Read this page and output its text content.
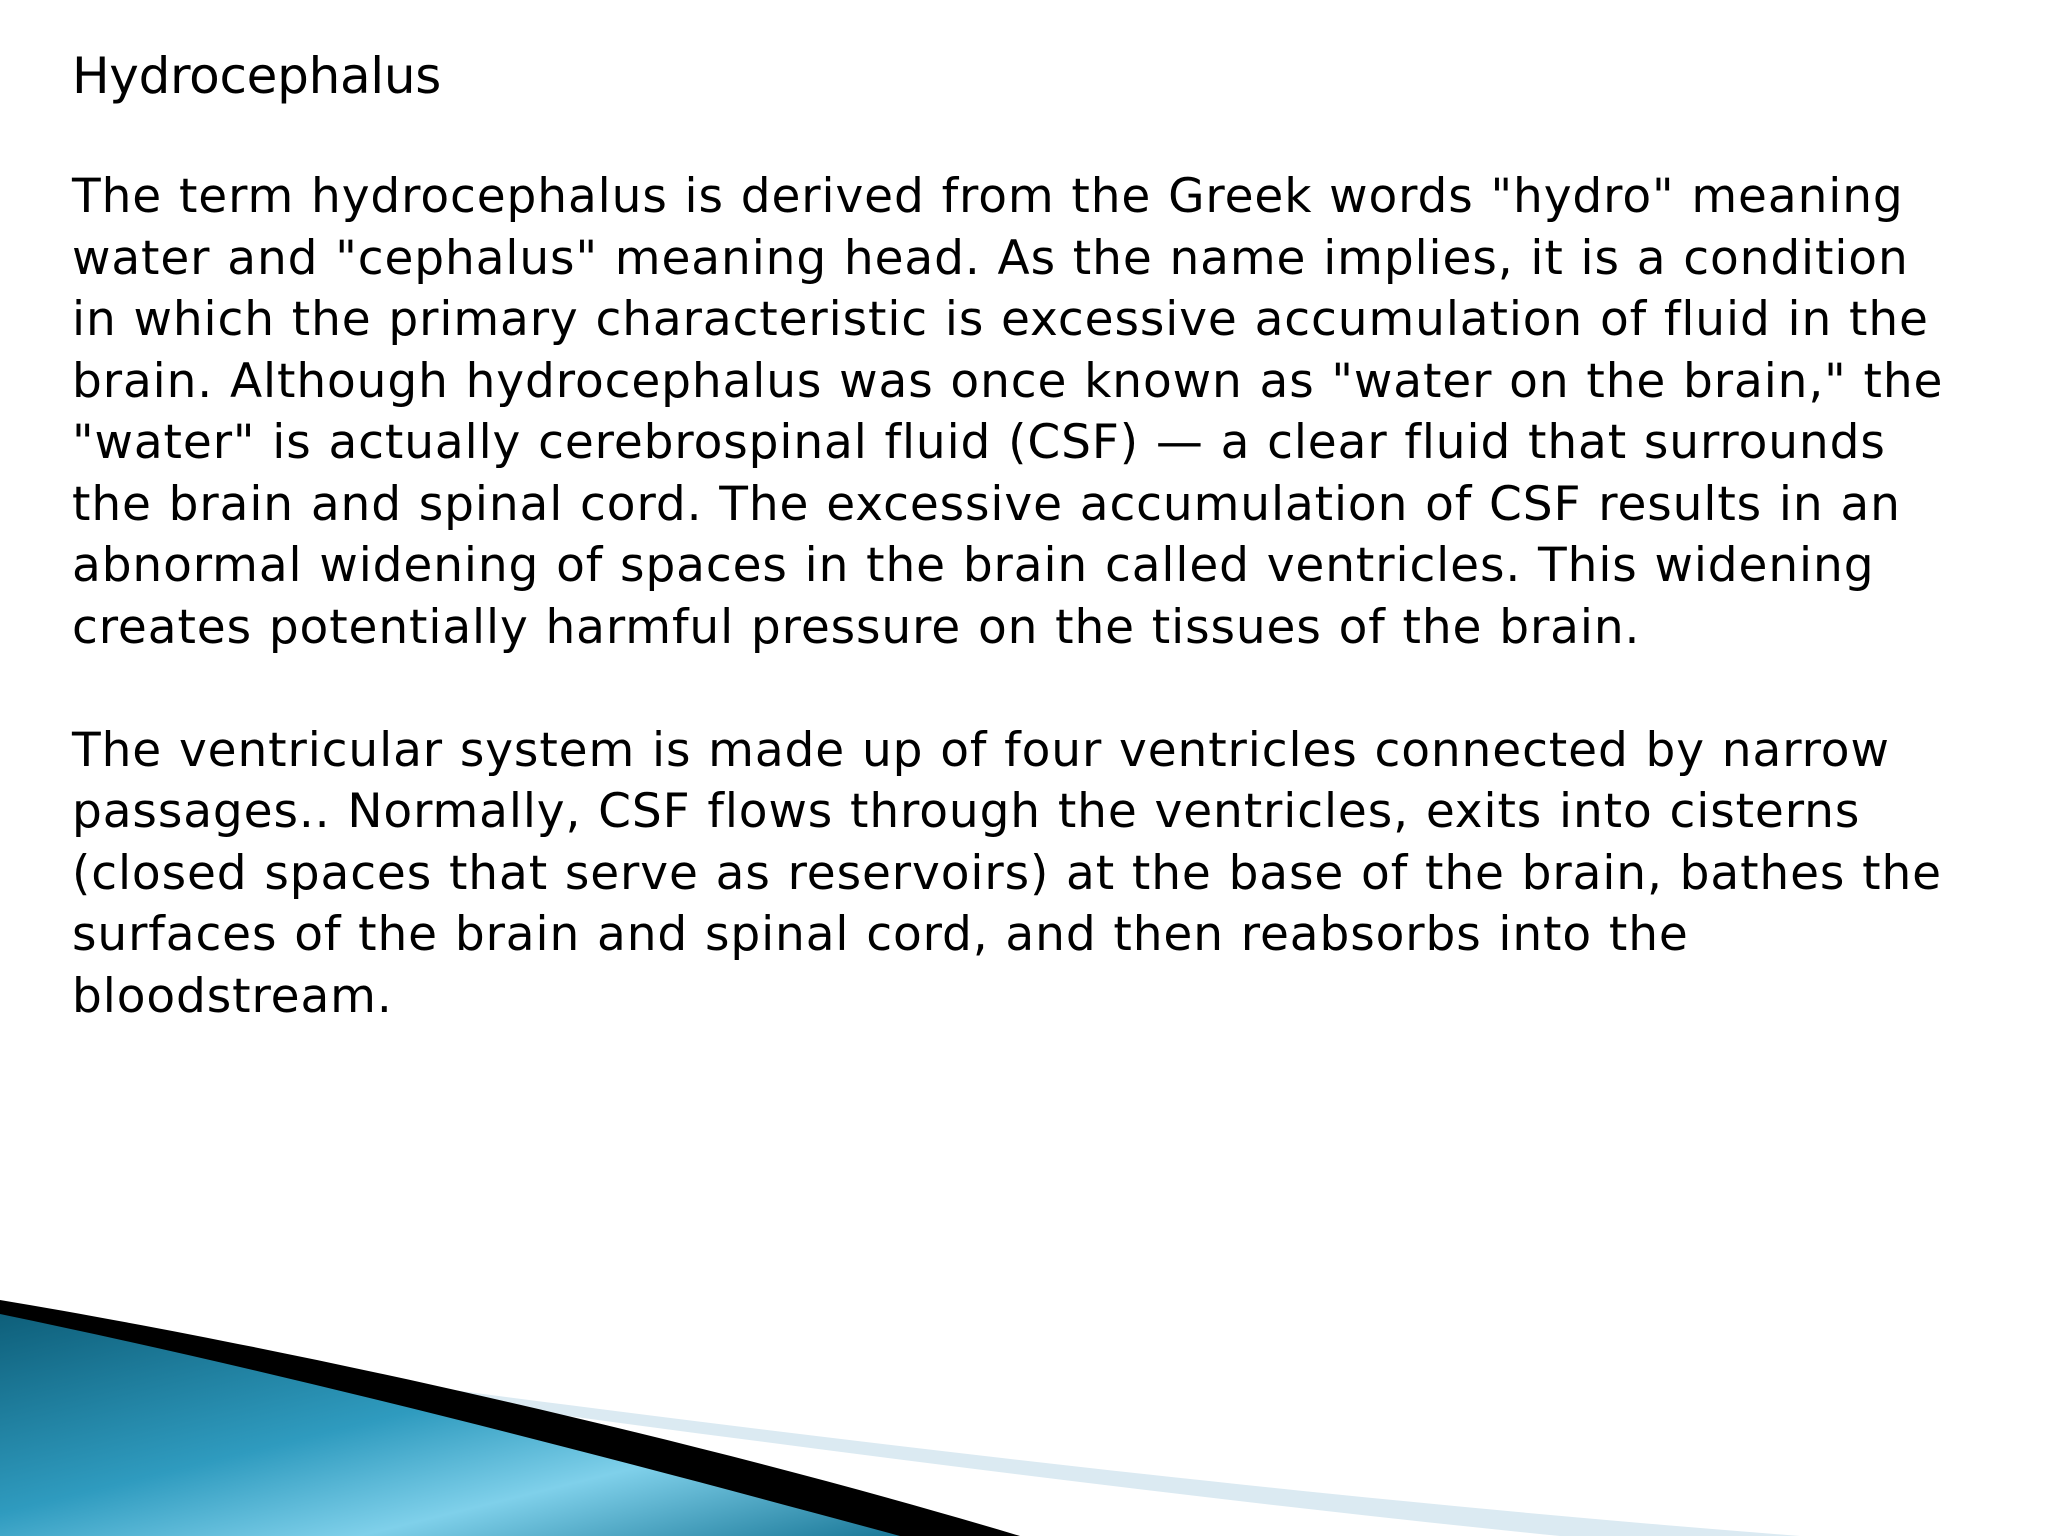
Hydrocephalus

The term hydrocephalus is derived from the Greek words "hydro" meaning
water and "cephalus" meaning head. As the name implies, it is a condition
in which the primary characteristic is excessive accumulation of fluid in the
brain. Although hydrocephalus was once known as "water on the brain," the
"water" is actually cerebrospinal fluid (CSF) — a clear fluid that surrounds
the brain and spinal cord. The excessive accumulation of CSF results in an
abnormal widening of spaces in the brain called ventricles. This widening
creates potentially harmful pressure on the tissues of the brain.

The ventricular system is made up of four ventricles connected by narrow
passages.. Normally, CSF flows through the ventricles, exits into cisterns
(closed spaces that serve as reservoirs) at the base of the brain, bathes the
surfaces of the brain and spinal cord, and then reabsorbs into the
bloodstream.
